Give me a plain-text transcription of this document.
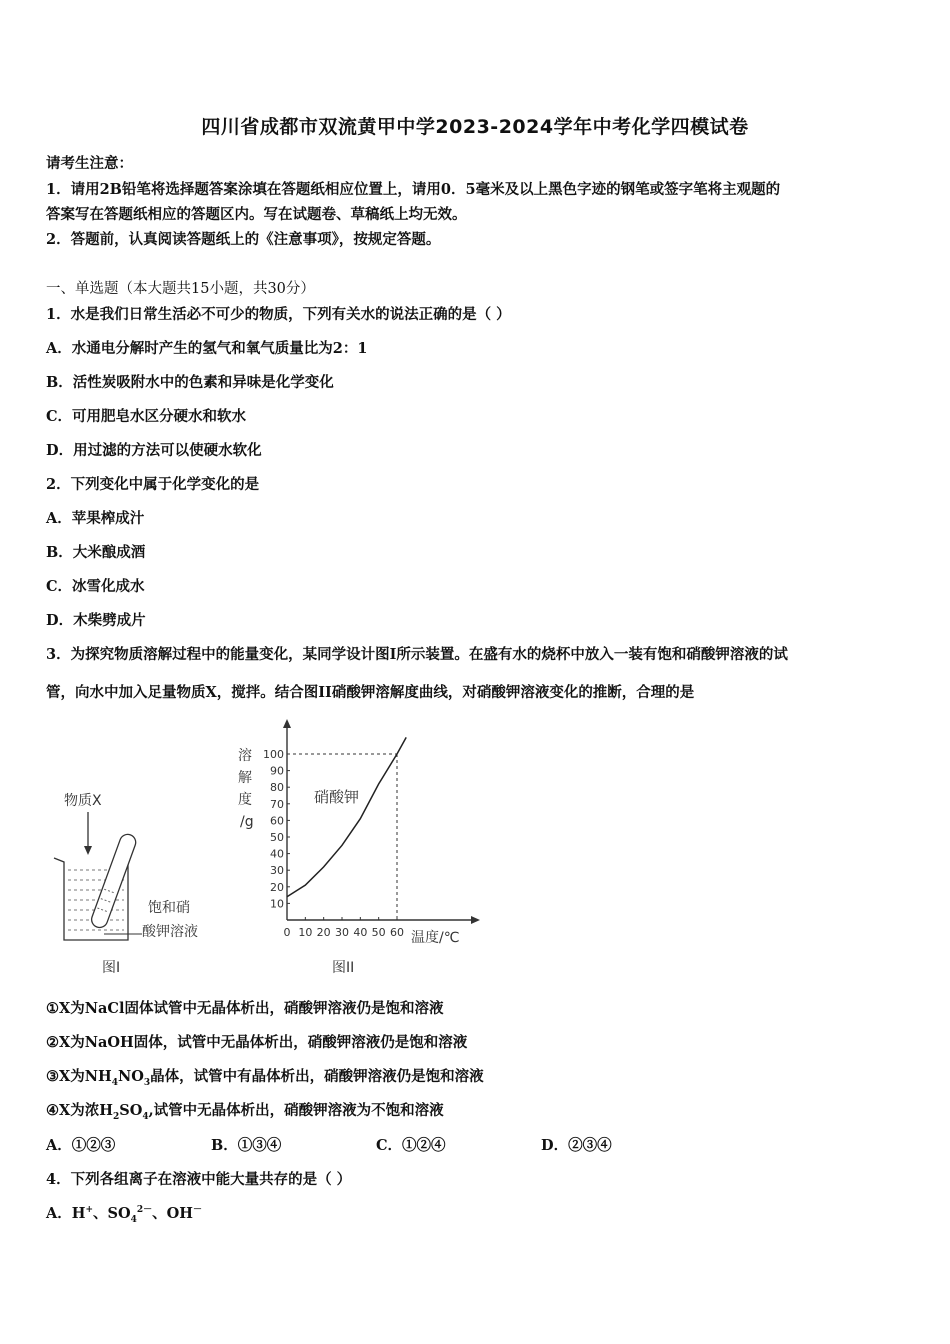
四川省成都市双流黄甲中学2023-2024学年中考化学四模试卷
请考生注意：
1．请用2B铅笔将选择题答案涂填在答题纸相应位置上，请用0．5毫米及以上黑色字迹的钢笔或签字笔将主观题的
答案写在答题纸相应的答题区内。写在试题卷、草稿纸上均无效。
2．答题前，认真阅读答题纸上的《注意事项》，按规定答题。
一、单选题（本大题共15小题，共30分）
1．水是我们日常生活必不可少的物质，下列有关水的说法正确的是（ ）
A．水通电分解时产生的氢气和氧气质量比为2：1
B．活性炭吸附水中的色素和异味是化学变化
C．可用肥皂水区分硬水和软水
D．用过滤的方法可以使硬水软化
2．下列变化中属于化学变化的是
A．苹果榨成汁
B．大米酿成酒
C．冰雪化成水
D．木柴劈成片
3．为探究物质溶解过程中的能量变化，某同学设计图I所示装置。在盛有水的烧杯中放入一装有饱和硝酸钾溶液的试
管，向水中加入足量物质X，搅拌。结合图II硝酸钾溶解度曲线，对硝酸钾溶液变化的推断，合理的是
物质X
饱和硝
酸钾溶液
图I
溶
解
度
/g
0 10 20 30 40 50 60
10
20
30
40
50
60
70
80
90
100
硝酸钾
温度/℃
图II
①X为NaCl固体试管中无晶体析出，硝酸钾溶液仍是饱和溶液
②X为NaOH固体，试管中无晶体析出，硝酸钾溶液仍是饱和溶液
③X为$NH_4NO_3$晶体，试管中有晶体析出，硝酸钾溶液仍是饱和溶液
④X为浓$H_2SO_4$,试管中无晶体析出，硝酸钾溶液为不饱和溶液
A．①②③	B．①③④	C．①②④	D．②③④
4．下列各组离子在溶液中能大量共存的是（ ）
A．H+、$SO_4^{2-}$、OH－
